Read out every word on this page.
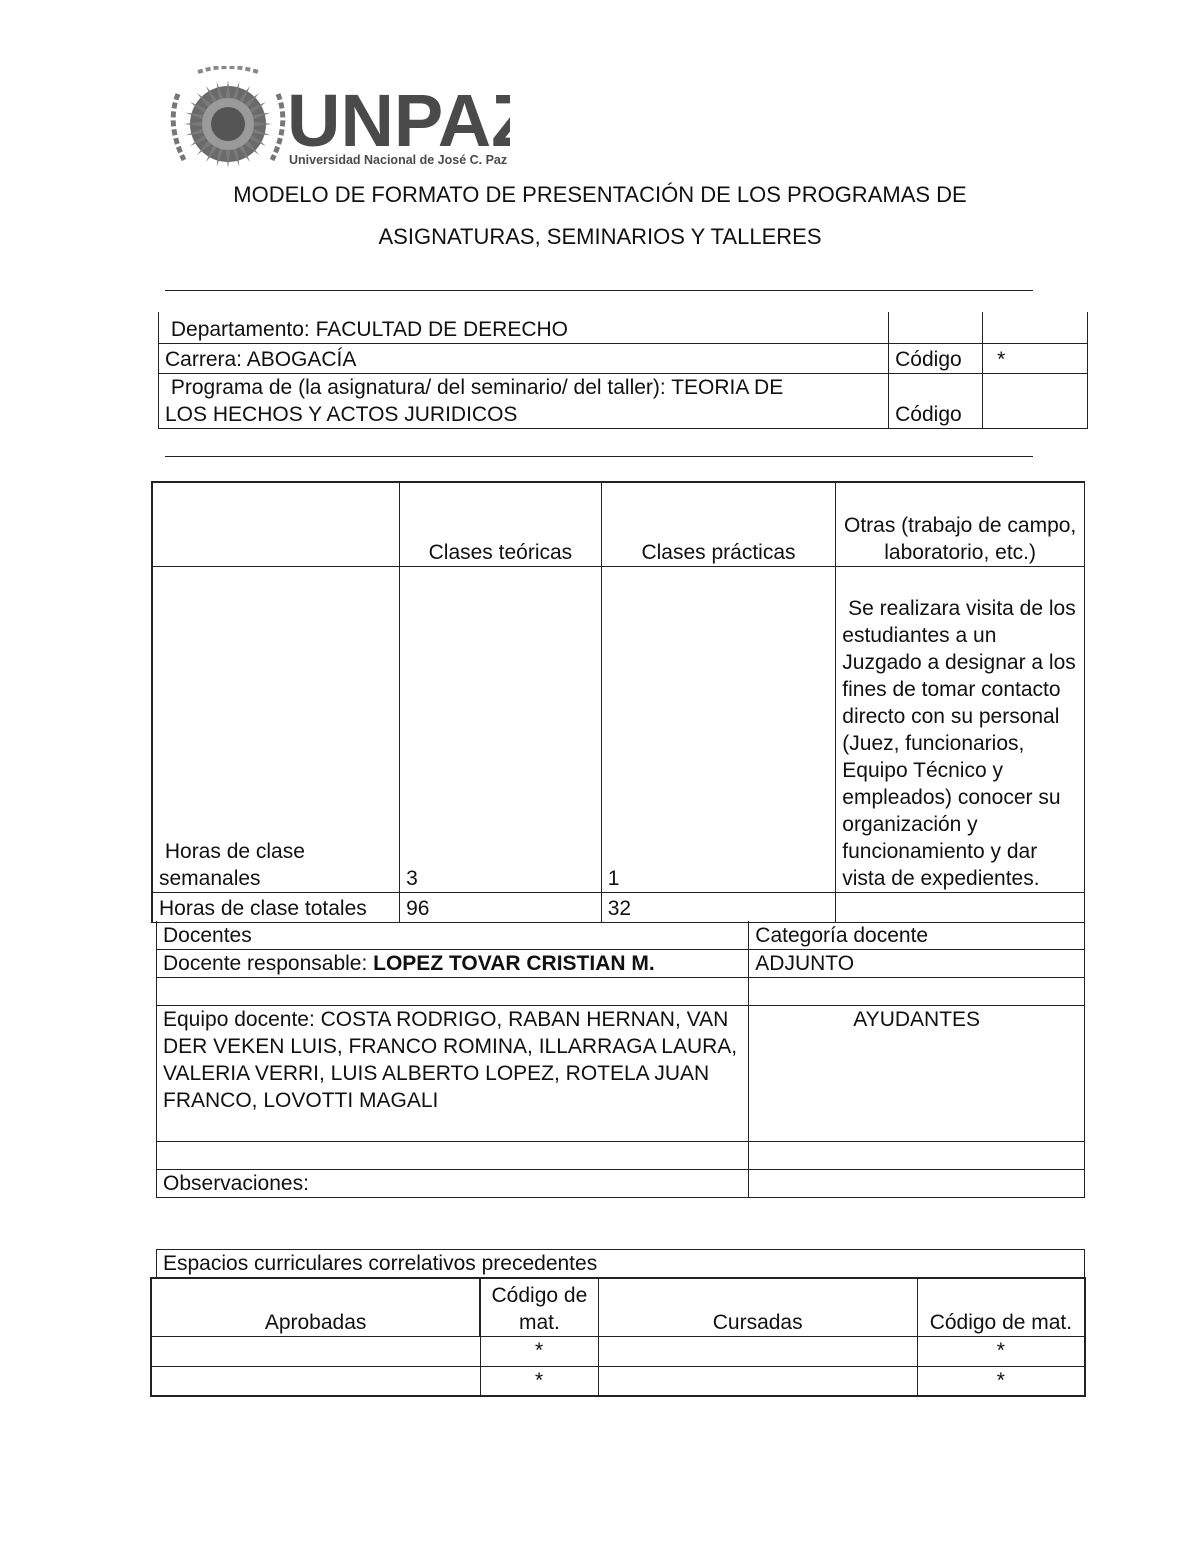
UNPA
Universidad Nacional de José C. Paz
MODELO DE FORMATO DE PRESENTACIÓN DE LOS PROGRAMAS DE
ASIGNATURAS, SEMINARIOS Y TALLERES
Departamento: FACULTAD DE DERECHO		
Carrera: ABOGACÍA	Código	*
Programa de (la asignatura/ del seminario/ del taller): TEORIA DE
LOS HECHOS Y ACTOS JURIDICOS	Código	
	Clases teóricas	Clases prácticas	Otras (trabajo de campo, laboratorio, etc.)
Horas de clase semanales	3	1	Se realizara visita de los estudiantes a un Juzgado a designar a los fines de tomar contacto directo con su personal (Juez, funcionarios, Equipo Técnico y empleados) conocer su organización y funcionamiento y dar vista de expedientes.
Horas de clase totales	96	32	
Docentes	Categoría docente
Docente responsable: LOPEZ TOVAR CRISTIAN M.	ADJUNTO

Equipo docente: COSTA RODRIGO, RABAN HERNAN, VAN DER VEKEN LUIS, FRANCO ROMINA, ILLARRAGA LAURA, VALERIA VERRI, LUIS ALBERTO LOPEZ, ROTELA JUAN FRANCO, LOVOTTI MAGALI	AYUDANTES

Observaciones:	
Espacios curriculares correlativos precedentes
Aprobadas	Código de mat.	Cursadas	Código de mat.
	*		*
	*		*
